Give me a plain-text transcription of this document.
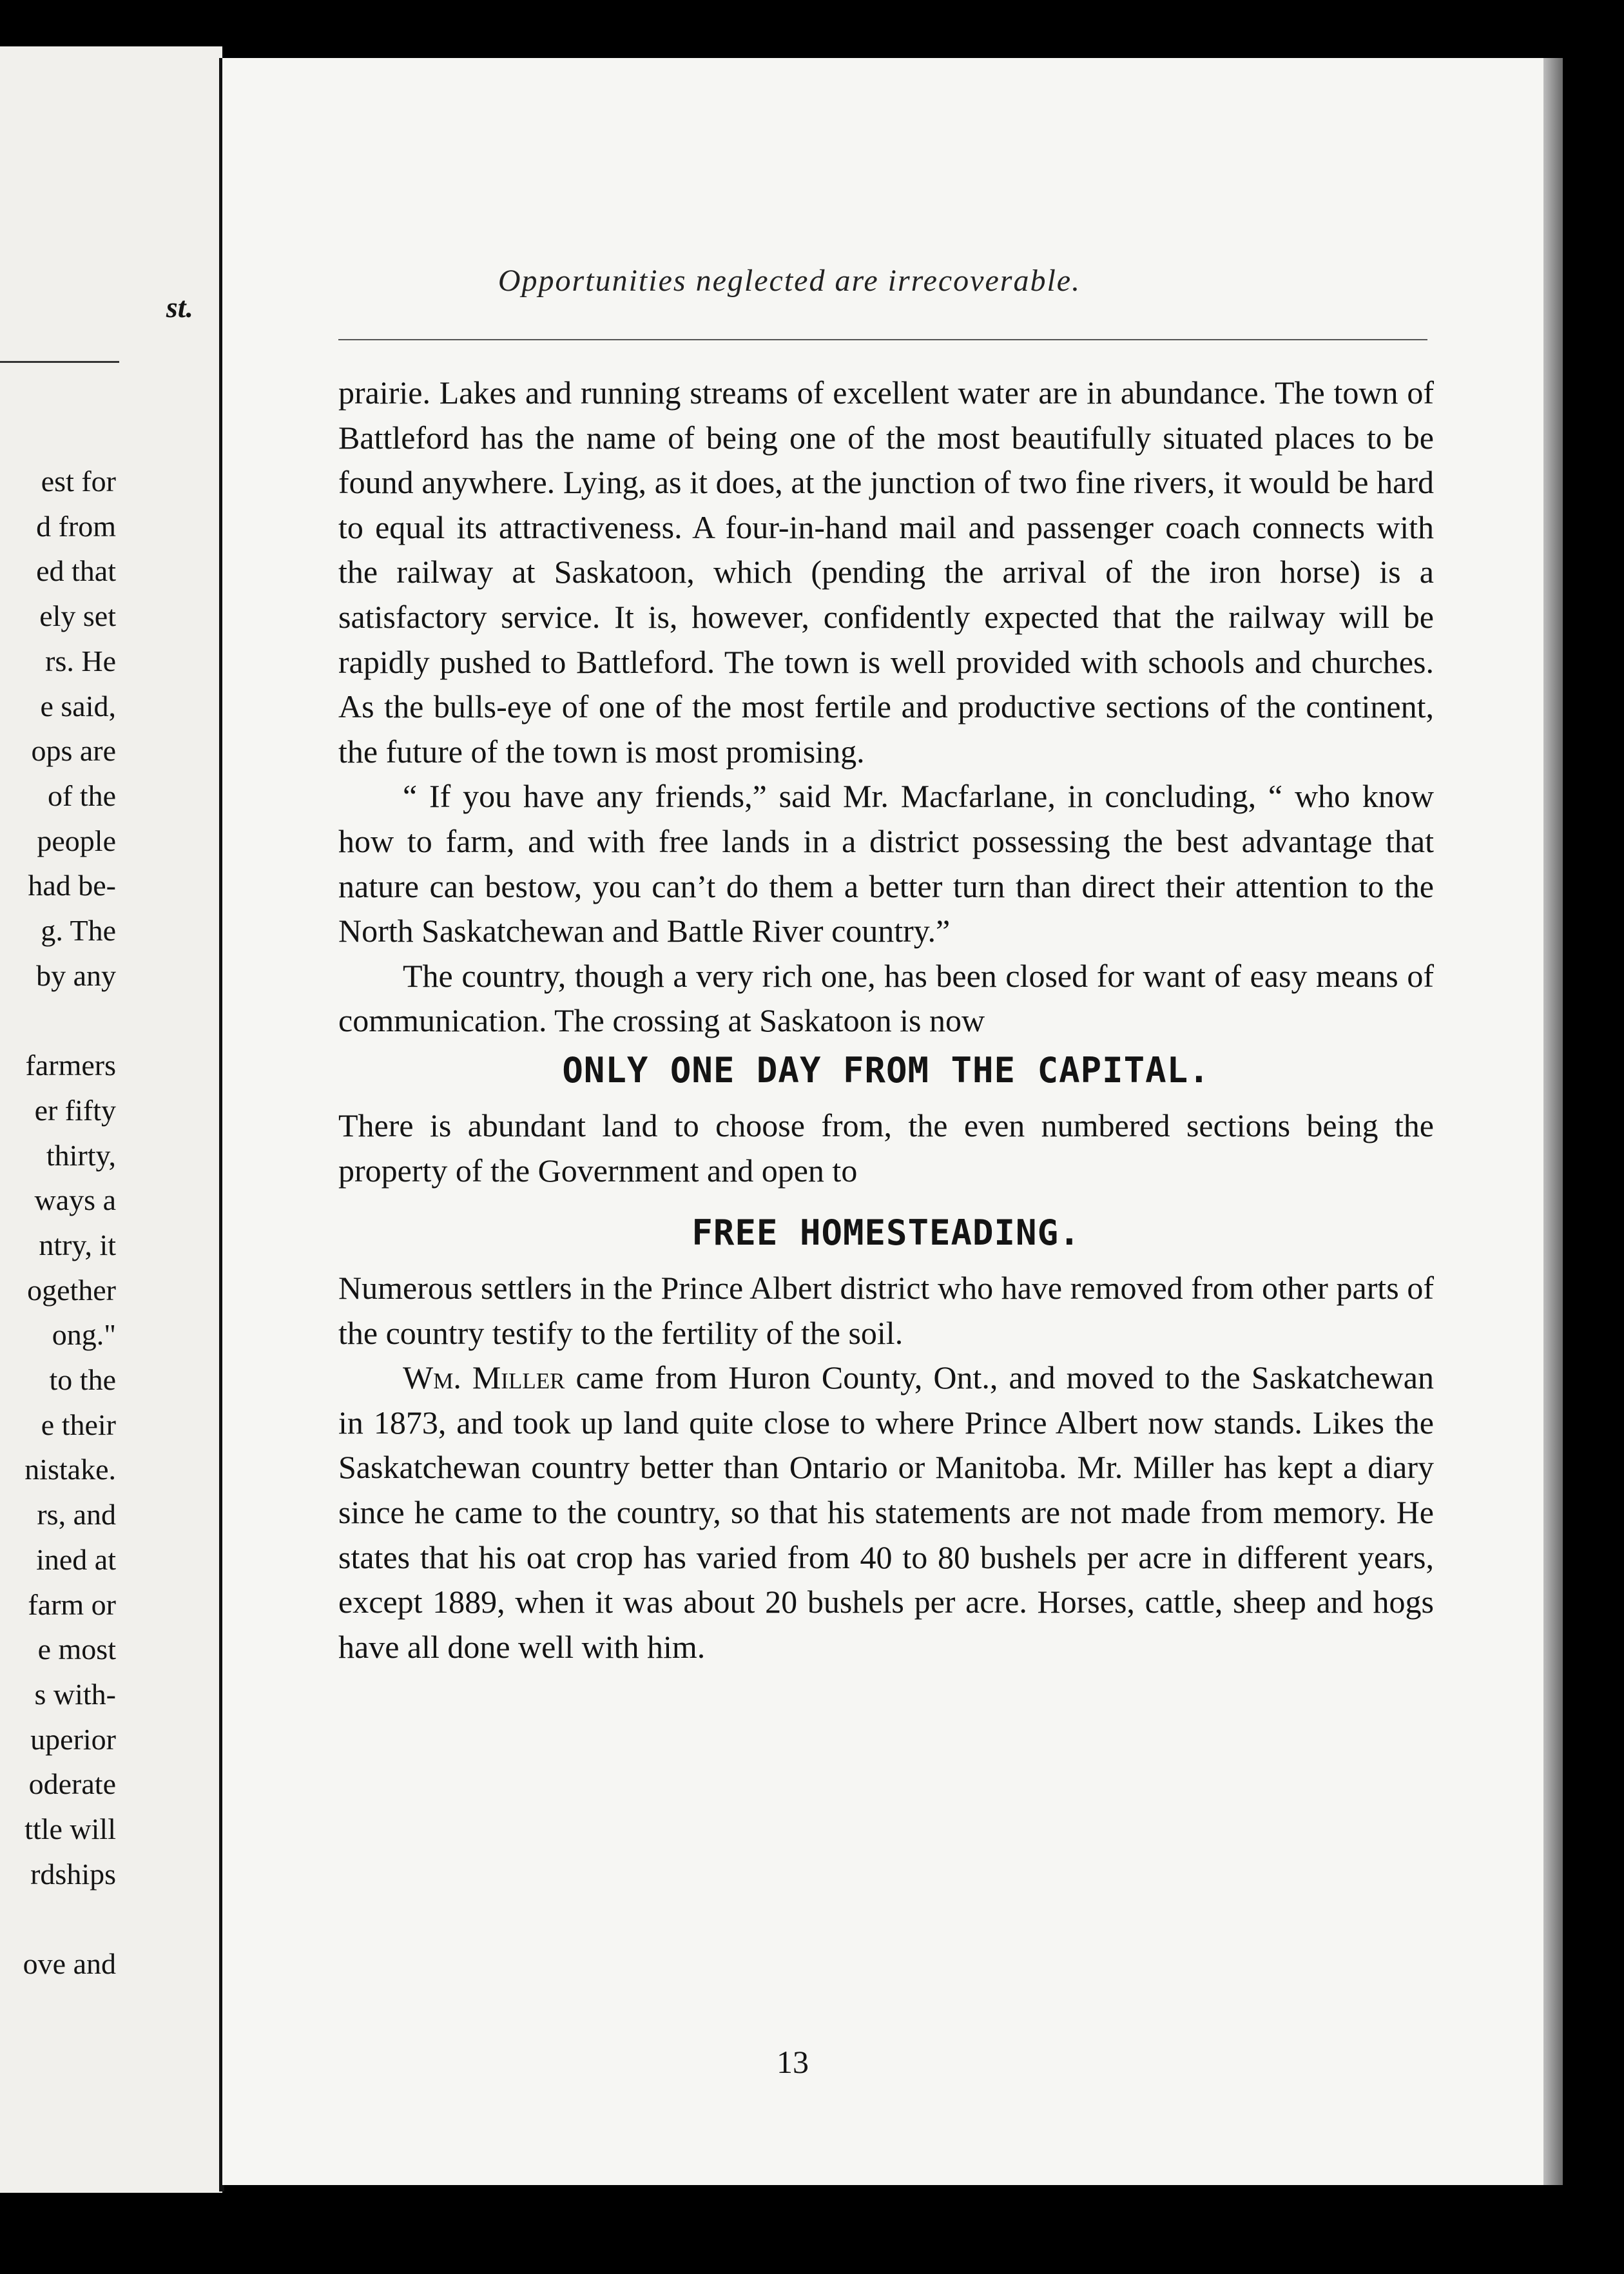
st.
est for
d from
ed that
ely set
rs. He
e said,
ops are
of the
people
had be-
g. The
by any
farmers
er fifty
thirty,
ways a
ntry, it
ogether
ong."
to the
e their
nistake.
rs, and
ined at
farm or
e most
s with-
uperior
oderate
ttle will
rdships
ove and
Opportunities neglected are irrecoverable.

prairie. Lakes and running streams of excellent water are in abundance. The town of Battleford has the name of being one of the most beautifully situated places to be found anywhere. Lying, as it does, at the junction of two fine rivers, it would be hard to equal its attractiveness. A four-in-hand mail and passenger coach connects with the railway at Saskatoon, which (pending the arrival of the iron horse) is a satisfactory service. It is, however, confidently expected that the railway will be rapidly pushed to Battleford. The town is well provided with schools and churches. As the bulls-eye of one of the most fertile and productive sections of the continent, the future of the town is most promising.

“ If you have any friends,” said Mr. Macfarlane, in concluding, “ who know how to farm, and with free lands in a district possessing the best advantage that nature can bestow, you can’t do them a better turn than direct their attention to the North Saskatchewan and Battle River country.”

The country, though a very rich one, has been closed for want of easy means of communication. The crossing at Saskatoon is now

ONLY ONE DAY FROM THE CAPITAL.

There is abundant land to choose from, the even numbered sections being the property of the Government and open to

FREE HOMESTEADING.

Numerous settlers in the Prince Albert district who have removed from other parts of the country testify to the fertility of the soil.

Wm. Miller came from Huron County, Ont., and moved to the Saskatchewan in 1873, and took up land quite close to where Prince Albert now stands. Likes the Saskatchewan country better than Ontario or Manitoba. Mr. Miller has kept a diary since he came to the country, so that his statements are not made from memory. He states that his oat crop has varied from 40 to 80 bushels per acre in different years, except 1889, when it was about 20 bushels per acre. Horses, cattle, sheep and hogs have all done well with him.

13
